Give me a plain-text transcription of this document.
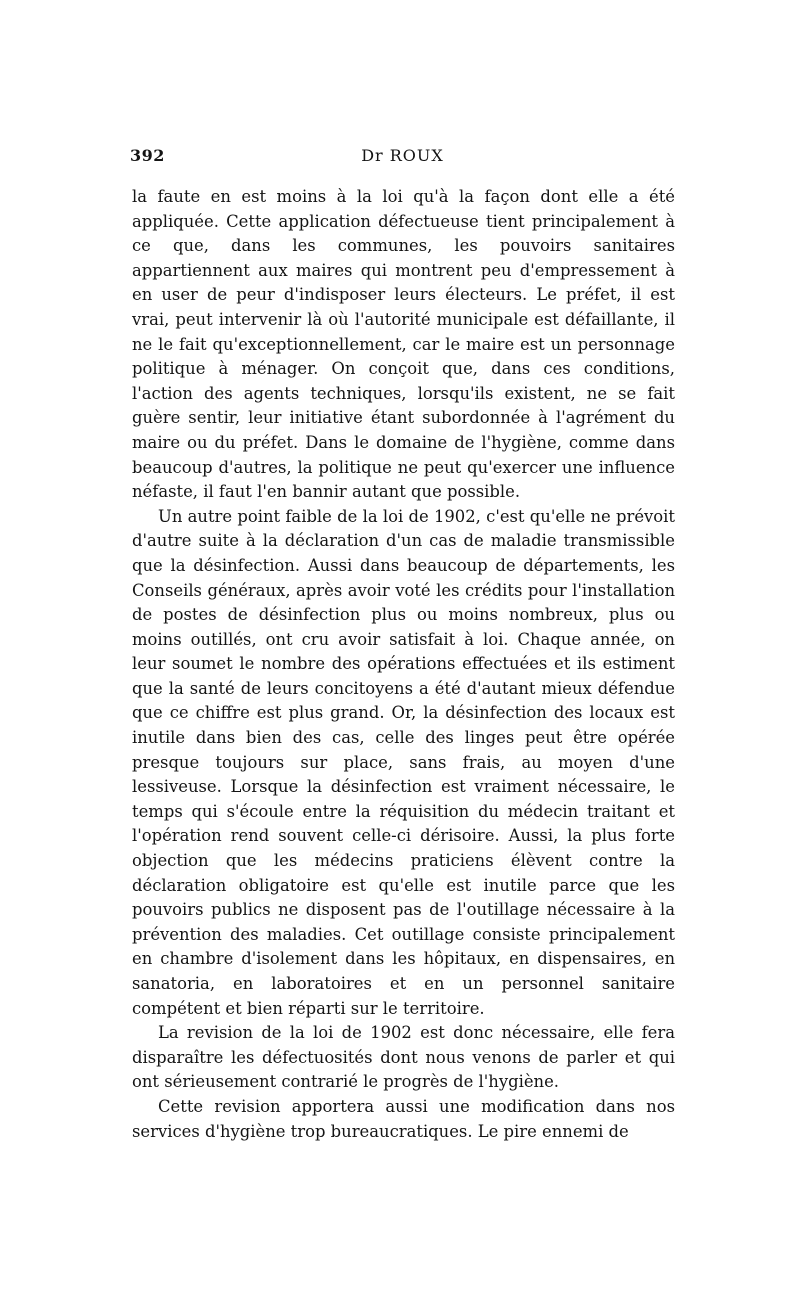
392	Dr ROUX

la faute en est moins à la loi qu'à la façon dont elle a été appliquée. Cette application défectueuse tient principalement à ce que, dans les communes, les pouvoirs sanitaires appartiennent aux maires qui montrent peu d'empressement à en user de peur d'indisposer leurs électeurs. Le préfet, il est vrai, peut intervenir là où l'autorité municipale est défaillante, il ne le fait qu'exceptionnellement, car le maire est un personnage politique à ménager. On conçoit que, dans ces conditions, l'action des agents techniques, lorsqu'ils existent, ne se fait guère sentir, leur initiative étant subordonnée à l'agrément du maire ou du préfet. Dans le domaine de l'hygiène, comme dans beaucoup d'autres, la politique ne peut qu'exercer une influence néfaste, il faut l'en bannir autant que possible.

Un autre point faible de la loi de 1902, c'est qu'elle ne prévoit d'autre suite à la déclaration d'un cas de maladie transmissible que la désinfection. Aussi dans beaucoup de départements, les Conseils généraux, après avoir voté les crédits pour l'installation de postes de désinfection plus ou moins nombreux, plus ou moins outillés, ont cru avoir satisfait à loi. Chaque année, on leur soumet le nombre des opérations effectuées et ils estiment que la santé de leurs concitoyens a été d'autant mieux défendue que ce chiffre est plus grand. Or, la désinfection des locaux est inutile dans bien des cas, celle des linges peut être opérée presque toujours sur place, sans frais, au moyen d'une lessiveuse. Lorsque la désinfection est vraiment nécessaire, le temps qui s'écoule entre la réquisition du médecin traitant et l'opération rend souvent celle-ci dérisoire. Aussi, la plus forte objection que les médecins praticiens élèvent contre la déclaration obligatoire est qu'elle est inutile parce que les pouvoirs publics ne disposent pas de l'outillage nécessaire à la prévention des maladies. Cet outillage consiste principalement en chambre d'isolement dans les hôpitaux, en dispensaires, en sanatoria, en laboratoires et en un personnel sanitaire compétent et bien réparti sur le territoire.

La revision de la loi de 1902 est donc nécessaire, elle fera disparaître les défectuosités dont nous venons de parler et qui ont sérieusement contrarié le progrès de l'hygiène.

Cette revision apportera aussi une modification dans nos services d'hygiène trop bureaucratiques. Le pire ennemi de
